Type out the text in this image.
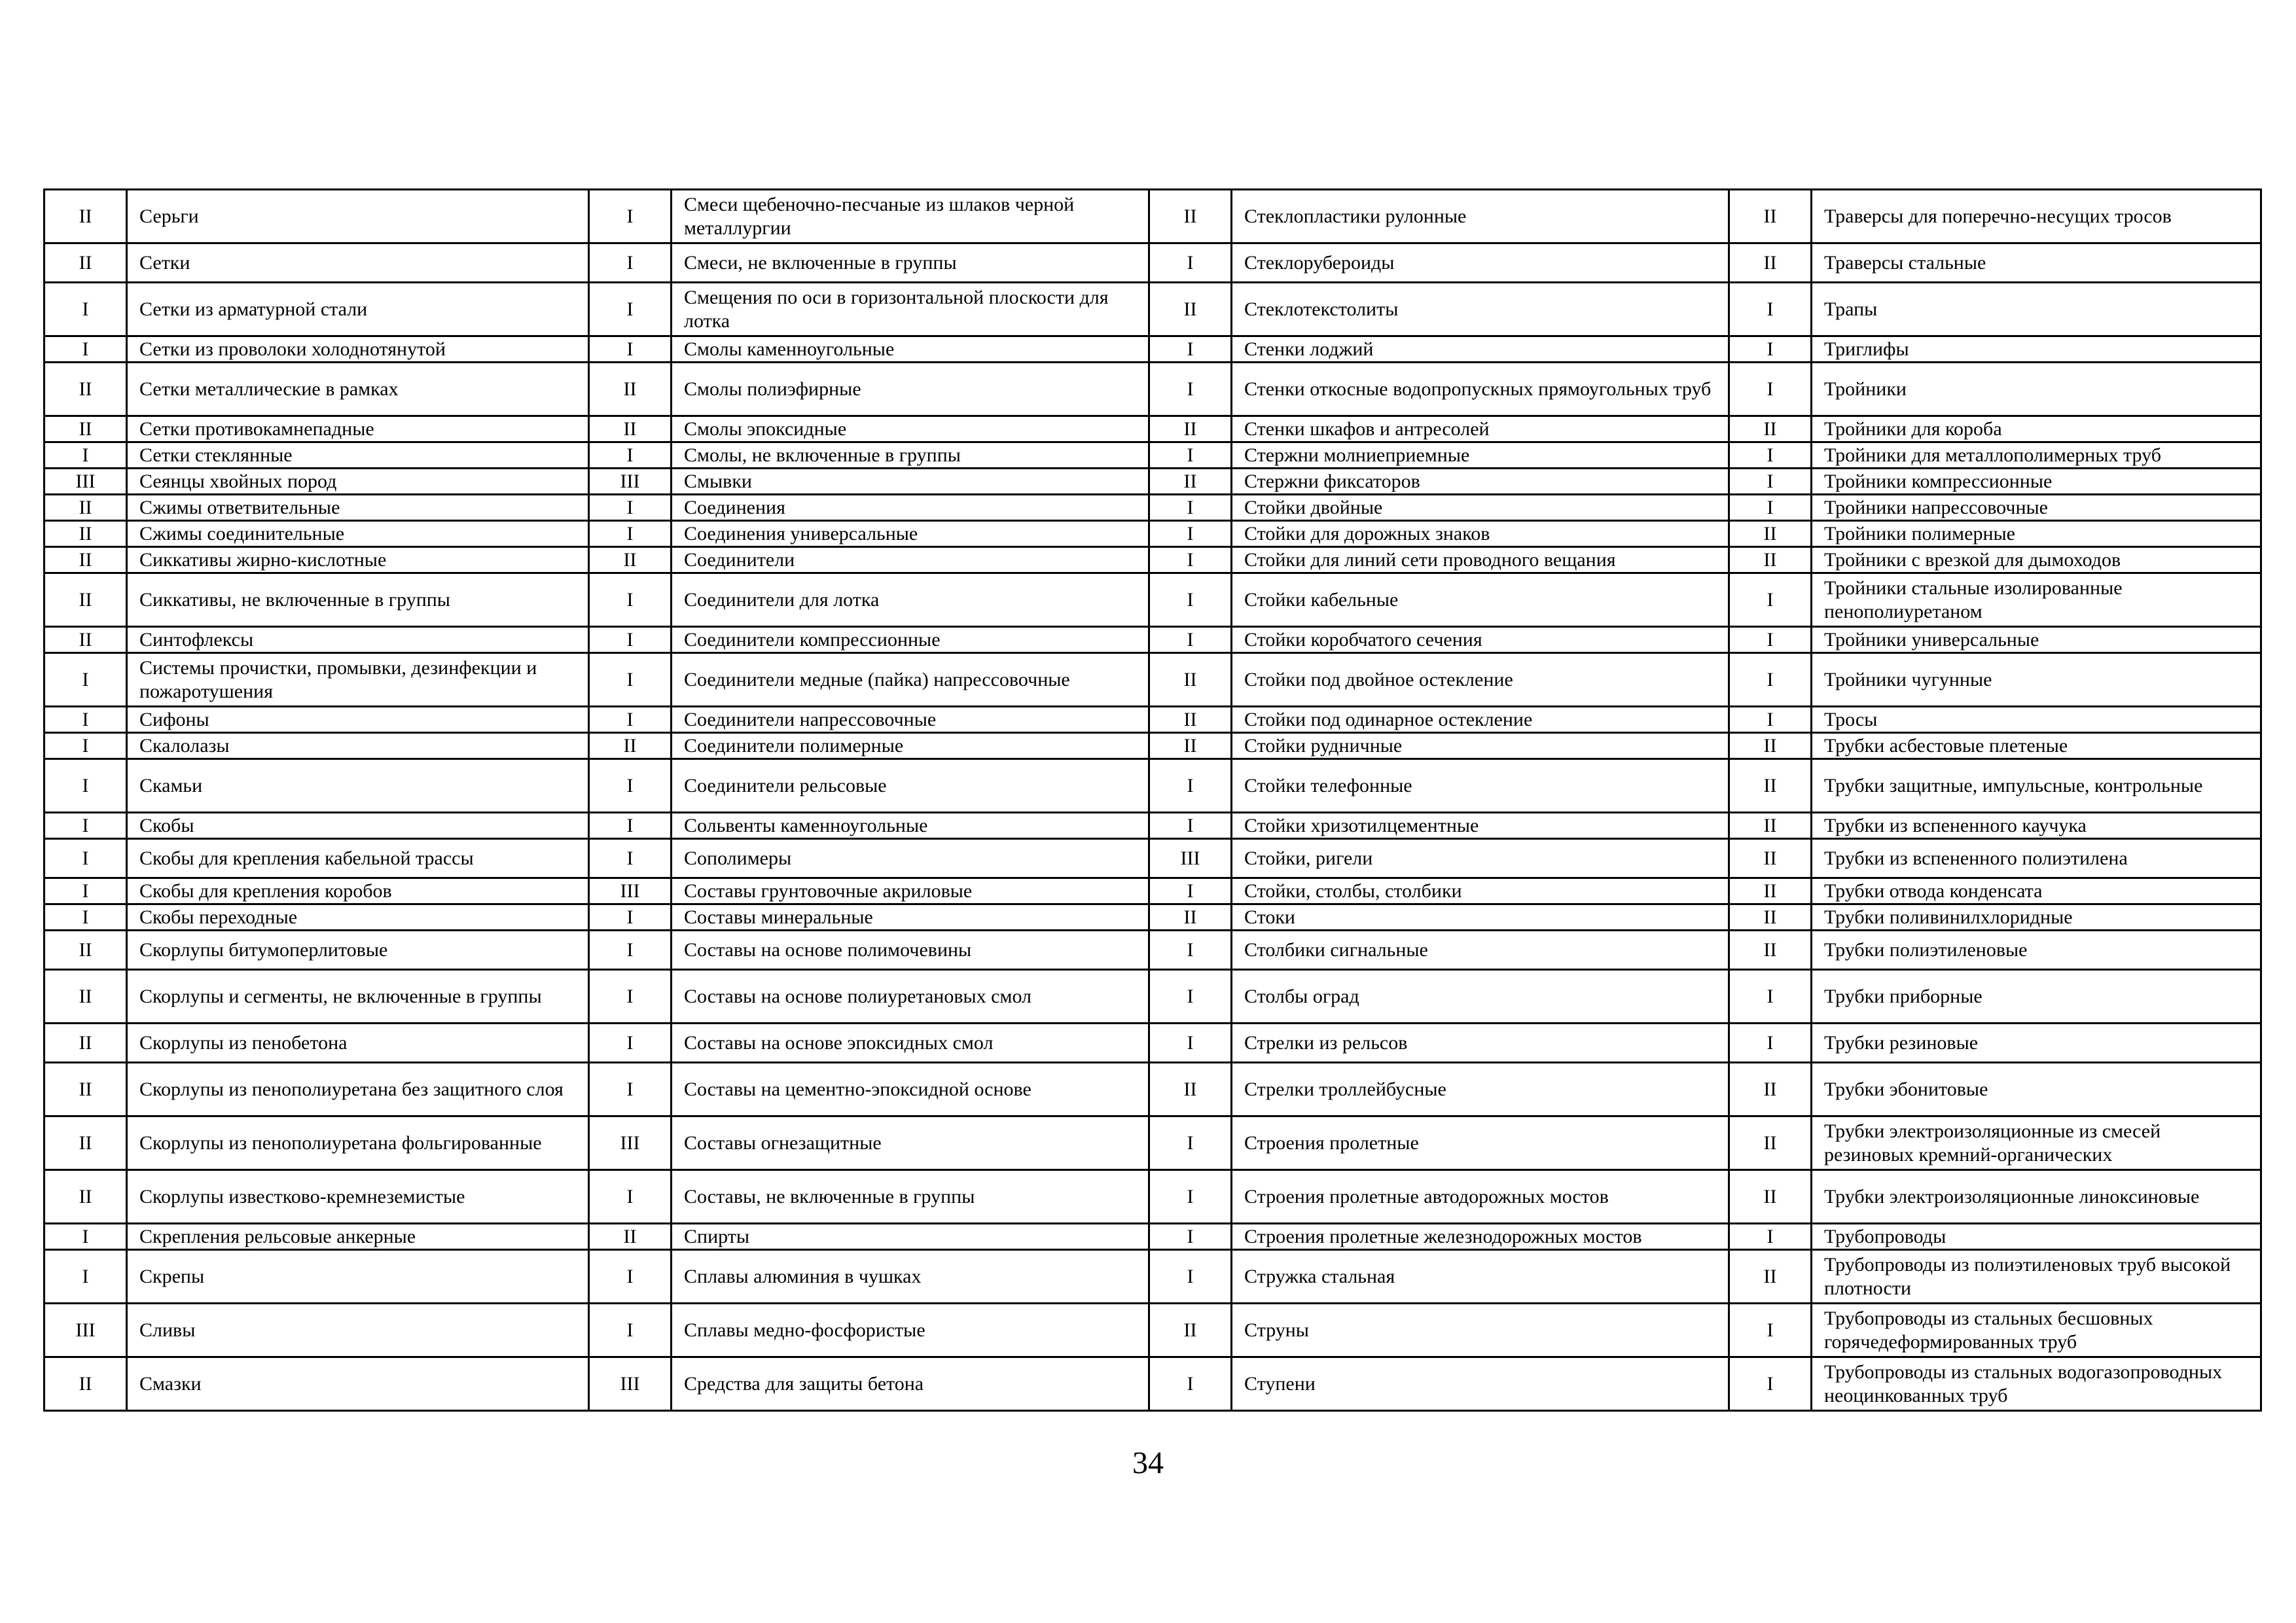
II	Серьги	I	Смеси щебеночно-песчаные из шлаков черной металлургии	II	Стеклопластики рулонные	II	Траверсы для поперечно-несущих тросов
II	Сетки	I	Смеси, не включенные в группы	I	Стеклорубероиды	II	Траверсы стальные
I	Сетки из арматурной стали	I	Смещения по оси в горизонтальной плоскости для лотка	II	Стеклотекстолиты	I	Трапы
I	Сетки из проволоки холоднотянутой	I	Смолы каменноугольные	I	Стенки лоджий	I	Триглифы
II	Сетки металлические в рамках	II	Смолы полиэфирные	I	Стенки откосные водопропускных прямоугольных труб	I	Тройники
II	Сетки противокамнепадные	II	Смолы эпоксидные	II	Стенки шкафов и антресолей	II	Тройники для короба
I	Сетки стеклянные	I	Смолы, не включенные в группы	I	Стержни молниеприемные	I	Тройники для металлополимерных труб
III	Сеянцы хвойных пород	III	Смывки	II	Стержни фиксаторов	I	Тройники компрессионные
II	Сжимы ответвительные	I	Соединения	I	Стойки двойные	I	Тройники напрессовочные
II	Сжимы соединительные	I	Соединения универсальные	I	Стойки для дорожных знаков	II	Тройники полимерные
II	Сиккативы жирно-кислотные	II	Соединители	I	Стойки для линий сети проводного вещания	II	Тройники с врезкой для дымоходов
II	Сиккативы, не включенные в группы	I	Соединители для лотка	I	Стойки кабельные	I	Тройники стальные изолированные пенополиуретаном
II	Синтофлексы	I	Соединители компрессионные	I	Стойки коробчатого сечения	I	Тройники универсальные
I	Системы прочистки, промывки, дезинфекции и пожаротушения	I	Соединители медные (пайка) напрессовочные	II	Стойки под двойное остекление	I	Тройники чугунные
I	Сифоны	I	Соединители напрессовочные	II	Стойки под одинарное остекление	I	Тросы
I	Скалолазы	II	Соединители полимерные	II	Стойки рудничные	II	Трубки асбестовые плетеные
I	Скамьи	I	Соединители рельсовые	I	Стойки телефонные	II	Трубки защитные, импульсные, контрольные
I	Скобы	I	Сольвенты каменноугольные	I	Стойки хризотилцементные	II	Трубки из вспененного каучука
I	Скобы для крепления кабельной трассы	I	Сополимеры	III	Стойки, ригели	II	Трубки из вспененного полиэтилена
I	Скобы для крепления коробов	III	Составы грунтовочные акриловые	I	Стойки, столбы, столбики	II	Трубки отвода конденсата
I	Скобы переходные	I	Составы минеральные	II	Стоки	II	Трубки поливинилхлоридные
II	Скорлупы битумоперлитовые	I	Составы на основе полимочевины	I	Столбики сигнальные	II	Трубки полиэтиленовые
II	Скорлупы и сегменты, не включенные в группы	I	Составы на основе полиуретановых смол	I	Столбы оград	I	Трубки приборные
II	Скорлупы из пенобетона	I	Составы на основе эпоксидных смол	I	Стрелки из рельсов	I	Трубки резиновые
II	Скорлупы из пенополиуретана без защитного слоя	I	Составы на цементно-эпоксидной основе	II	Стрелки троллейбусные	II	Трубки эбонитовые
II	Скорлупы из пенополиуретана фольгированные	III	Составы огнезащитные	I	Строения пролетные	II	Трубки электроизоляционные из смесей резиновых кремний-органических
II	Скорлупы известково-кремнеземистые	I	Составы, не включенные в группы	I	Строения пролетные автодорожных мостов	II	Трубки электроизоляционные линоксиновые
I	Скрепления рельсовые анкерные	II	Спирты	I	Строения пролетные железнодорожных мостов	I	Трубопроводы
I	Скрепы	I	Сплавы алюминия в чушках	I	Стружка стальная	II	Трубопроводы из полиэтиленовых труб высокой плотности
III	Сливы	I	Сплавы медно-фосфористые	II	Струны	I	Трубопроводы из стальных бесшовных горячедеформированных труб
II	Смазки	III	Средства для защиты бетона	I	Ступени	I	Трубопроводы из стальных водогазопроводных неоцинкованных труб
34
